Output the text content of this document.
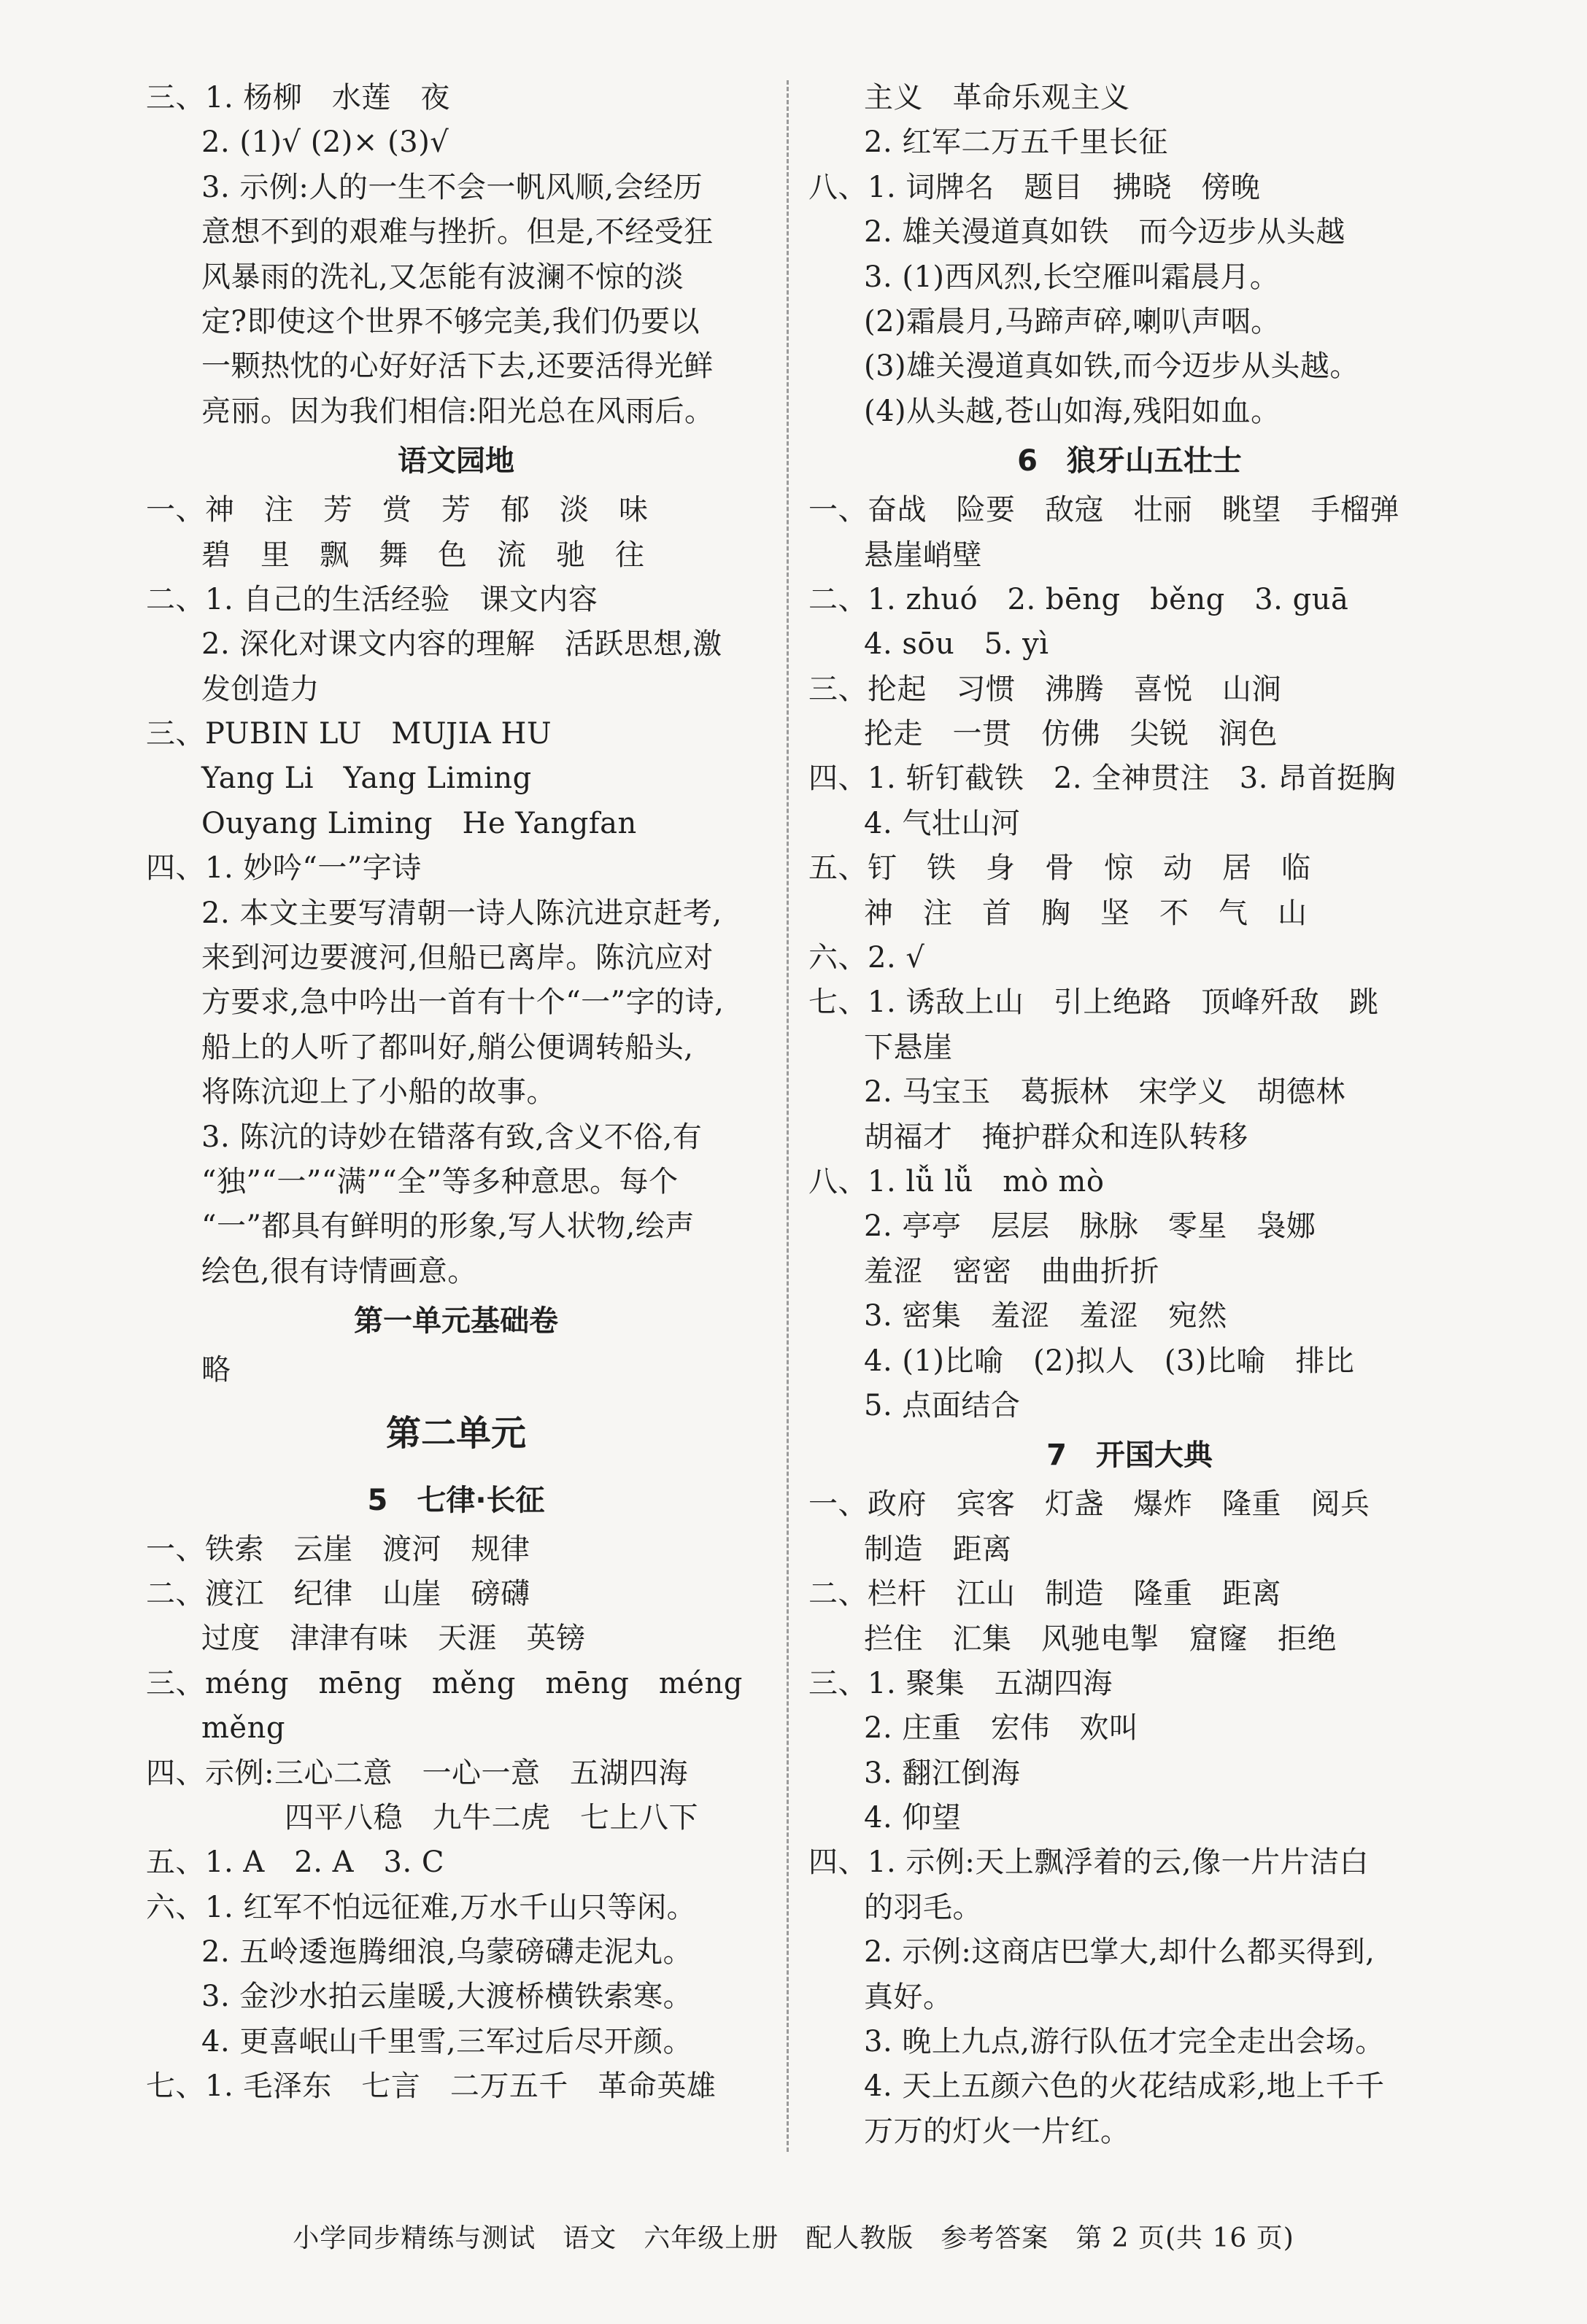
三、1. 杨柳　水莲　夜
2. (1)√ (2)× (3)√
3. 示例:人的一生不会一帆风顺,会经历
意想不到的艰难与挫折。但是,不经受狂
风暴雨的洗礼,又怎能有波澜不惊的淡
定?即使这个世界不够完美,我们仍要以
一颗热忱的心好好活下去,还要活得光鲜
亮丽。因为我们相信:阳光总在风雨后。
语文园地
一、神　注　芳　赏　芳　郁　淡　味
碧　里　飘　舞　色　流　驰　往
二、1. 自己的生活经验　课文内容
2. 深化对课文内容的理解　活跃思想,激
发创造力
三、PUBIN LU　MUJIA HU
Yang Li　Yang Liming
Ouyang Liming　He Yangfan
四、1. 妙吟“一”字诗
2. 本文主要写清朝一诗人陈沆进京赶考,
来到河边要渡河,但船已离岸。陈沆应对
方要求,急中吟出一首有十个“一”字的诗,
船上的人听了都叫好,艄公便调转船头,
将陈沆迎上了小船的故事。
3. 陈沆的诗妙在错落有致,含义不俗,有
“独”“一”“满”“全”等多种意思。每个
“一”都具有鲜明的形象,写人状物,绘声
绘色,很有诗情画意。
第一单元基础卷
略
第二单元
5　七律·长征
一、铁索　云崖　渡河　规律
二、渡江　纪律　山崖　磅礴
过度　津津有味　天涯　英镑
三、méng　mēng　měng　mēng　méng
měng
四、示例:三心二意　一心一意　五湖四海
四平八稳　九牛二虎　七上八下
五、1. A　2. A　3. C
六、1. 红军不怕远征难,万水千山只等闲。
2. 五岭逶迤腾细浪,乌蒙磅礴走泥丸。
3. 金沙水拍云崖暖,大渡桥横铁索寒。
4. 更喜岷山千里雪,三军过后尽开颜。
七、1. 毛泽东　七言　二万五千　革命英雄
主义　革命乐观主义
2. 红军二万五千里长征
八、1. 词牌名　题目　拂晓　傍晚
2. 雄关漫道真如铁　而今迈步从头越
3. (1)西风烈,长空雁叫霜晨月。
(2)霜晨月,马蹄声碎,喇叭声咽。
(3)雄关漫道真如铁,而今迈步从头越。
(4)从头越,苍山如海,残阳如血。
6　狼牙山五壮士
一、奋战　险要　敌寇　壮丽　眺望　手榴弹
悬崖峭壁
二、1. zhuó　2. bēng　běng　3. guā
4. sōu　5. yì
三、抡起　习惯　沸腾　喜悦　山涧
抡走　一贯　仿佛　尖锐　润色
四、1. 斩钉截铁　2. 全神贯注　3. 昂首挺胸
4. 气壮山河
五、钉　铁　身　骨　惊　动　居　临
神　注　首　胸　坚　不　气　山
六、2. √
七、1. 诱敌上山　引上绝路　顶峰歼敌　跳
下悬崖
2. 马宝玉　葛振林　宋学义　胡德林
胡福才　掩护群众和连队转移
八、1. lǚ lǚ　mò mò
2. 亭亭　层层　脉脉　零星　袅娜
羞涩　密密　曲曲折折
3. 密集　羞涩　羞涩　宛然
4. (1)比喻　(2)拟人　(3)比喻　排比
5. 点面结合
7　开国大典
一、政府　宾客　灯盏　爆炸　隆重　阅兵
制造　距离
二、栏杆　江山　制造　隆重　距离
拦住　汇集　风驰电掣　窟窿　拒绝
三、1. 聚集　五湖四海
2. 庄重　宏伟　欢叫
3. 翻江倒海
4. 仰望
四、1. 示例:天上飘浮着的云,像一片片洁白
的羽毛。
2. 示例:这商店巴掌大,却什么都买得到,
真好。
3. 晚上九点,游行队伍才完全走出会场。
4. 天上五颜六色的火花结成彩,地上千千
万万的灯火一片红。
小学同步精练与测试　语文　六年级上册　配人教版　参考答案　第 2 页(共 16 页)
